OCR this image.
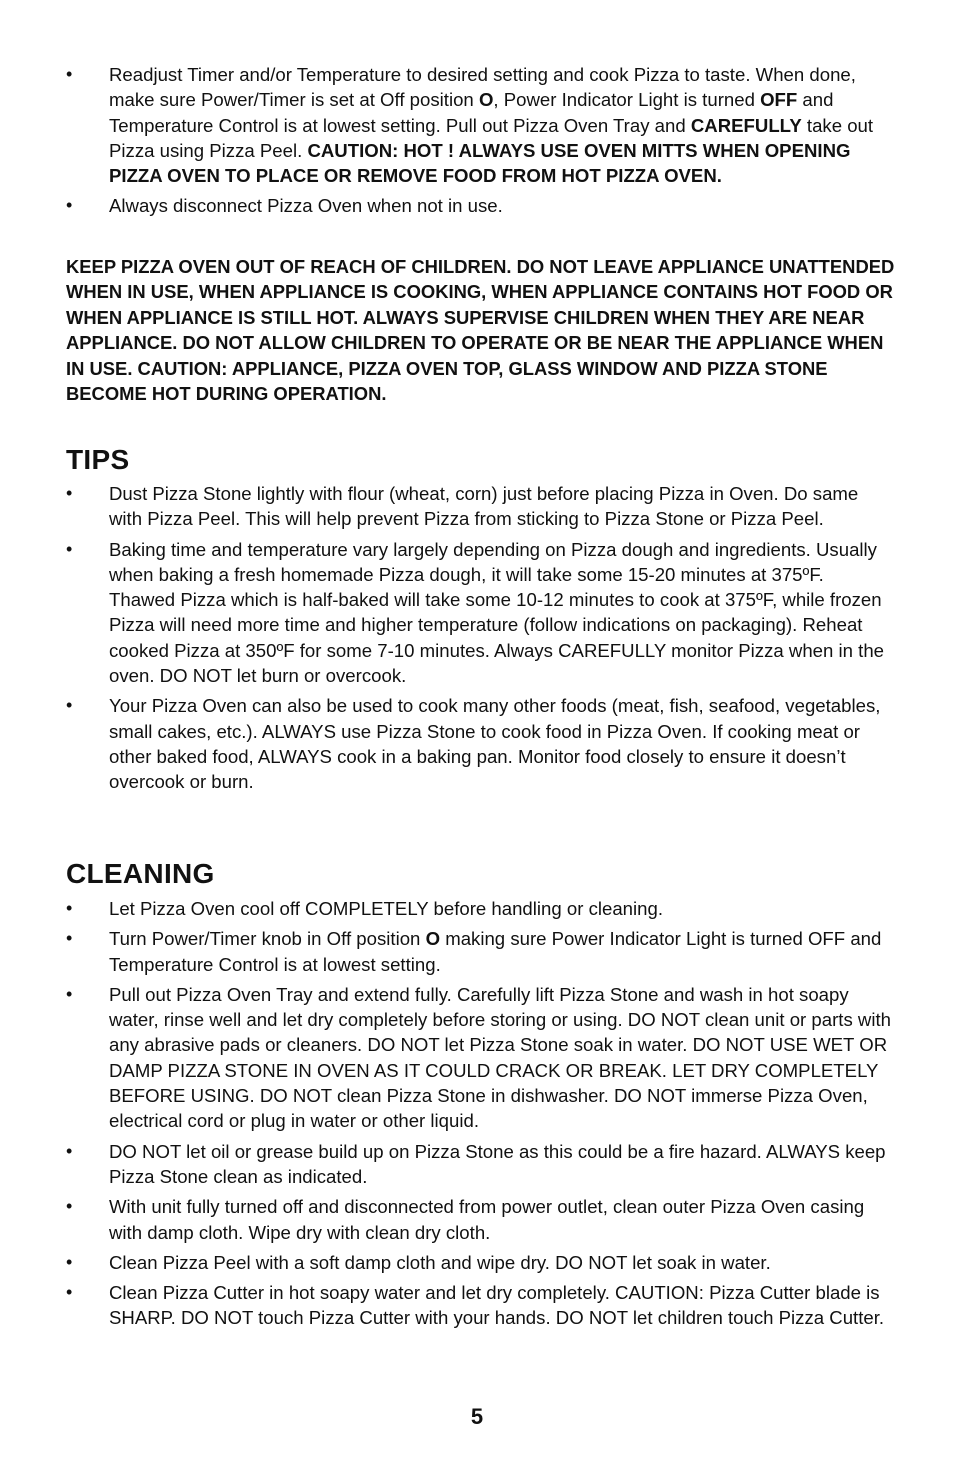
• Readjust Timer and/or Temperature to desired setting and cook Pizza to taste. When done, make sure Power/Timer is set at Off position O, Power Indicator Light is turned OFF and Temperature Control is at lowest setting. Pull out Pizza Oven Tray and CAREFULLY take out Pizza using Pizza Peel. CAUTION: HOT ! ALWAYS USE OVEN MITTS WHEN OPENING PIZZA OVEN TO PLACE OR REMOVE FOOD FROM HOT PIZZA OVEN.
• Always disconnect Pizza Oven when not in use.

KEEP PIZZA OVEN OUT OF REACH OF CHILDREN. DO NOT LEAVE APPLIANCE UNATTENDED WHEN IN USE, WHEN APPLIANCE IS COOKING, WHEN APPLIANCE CONTAINS HOT FOOD OR WHEN APPLIANCE IS STILL HOT. ALWAYS SUPERVISE CHILDREN WHEN THEY ARE NEAR APPLIANCE. DO NOT ALLOW CHILDREN TO OPERATE OR BE NEAR THE APPLIANCE WHEN IN USE. CAUTION: APPLIANCE, PIZZA OVEN TOP, GLASS WINDOW AND PIZZA STONE BECOME HOT DURING OPERATION.

TIPS
• Dust Pizza Stone lightly with flour (wheat, corn) just before placing Pizza in Oven. Do same with Pizza Peel. This will help prevent Pizza from sticking to Pizza Stone or Pizza Peel.
• Baking time and temperature vary largely depending on Pizza dough and ingredients. Usually when baking a fresh homemade Pizza dough, it will take some 15-20 minutes at 375ºF. Thawed Pizza which is half-baked will take some 10-12 minutes to cook at 375ºF, while frozen Pizza will need more time and higher temperature (follow indications on packaging). Reheat cooked Pizza at 350ºF for some 7-10 minutes. Always CAREFULLY monitor Pizza when in the oven. DO NOT let burn or overcook.
• Your Pizza Oven can also be used to cook many other foods (meat, fish, seafood, vegetables, small cakes, etc.). ALWAYS use Pizza Stone to cook food in Pizza Oven. If cooking meat or other baked food, ALWAYS cook in a baking pan. Monitor food closely to ensure it doesn’t overcook or burn.
CLEANING
• Let Pizza Oven cool off COMPLETELY before handling or cleaning.
• Turn Power/Timer knob in Off position O making sure Power Indicator Light is turned OFF and Temperature Control is at lowest setting.
• Pull out Pizza Oven Tray and extend fully. Carefully lift Pizza Stone and wash in hot soapy water, rinse well and let dry completely before storing or using. DO NOT clean unit or parts with any abrasive pads or cleaners. DO NOT let Pizza Stone soak in water. DO NOT USE WET OR DAMP PIZZA STONE IN OVEN AS IT COULD CRACK OR BREAK. LET DRY COMPLETELY BEFORE USING. DO NOT clean Pizza Stone in dishwasher. DO NOT immerse Pizza Oven, electrical cord or plug in water or other liquid.
• DO NOT let oil or grease build up on Pizza Stone as this could be a fire hazard. ALWAYS keep Pizza Stone clean as indicated.
• With unit fully turned off and disconnected from power outlet, clean outer Pizza Oven casing with damp cloth. Wipe dry with clean dry cloth.
• Clean Pizza Peel with a soft damp cloth and wipe dry. DO NOT let soak in water.
• Clean Pizza Cutter in hot soapy water and let dry completely. CAUTION: Pizza Cutter blade is SHARP. DO NOT touch Pizza Cutter with your hands. DO NOT let children touch Pizza Cutter.
5
